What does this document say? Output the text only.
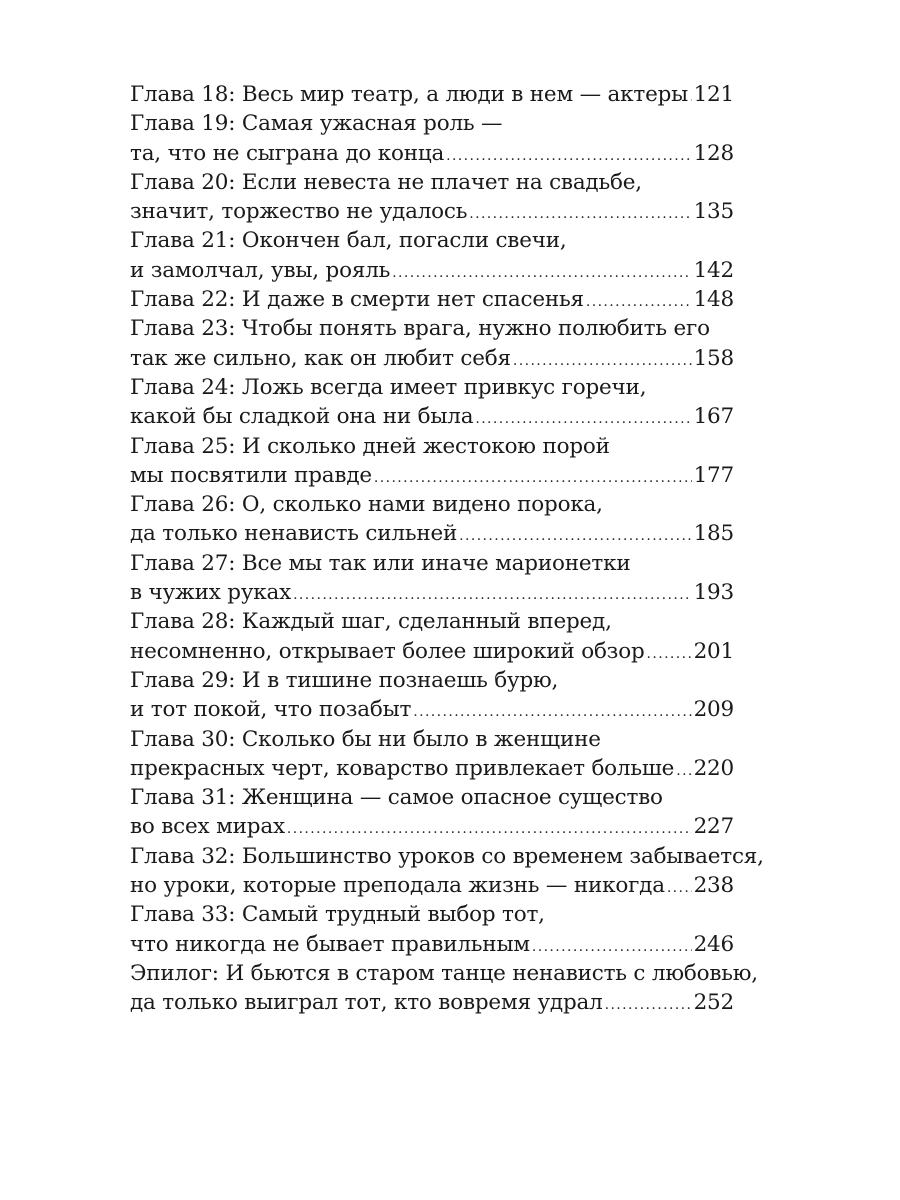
Глава 18: Весь мир театр, а люди в нем — актеры ..... 121
Глава 19: Самая ужасная роль —
та, что не сыграна до конца .....	128
Глава 20: Если невеста не плачет на свадьбе,
значит, торжество не удалось .....	135
Глава 21: Окончен бал, погасли свечи,
и замолчал, увы, рояль .....	142
Глава 22: И даже в смерти нет спасенья .....	148
Глава 23: Чтобы понять врага, нужно полюбить его
так же сильно, как он любит себя .....	158
Глава 24: Ложь всегда имеет привкус горечи,
какой бы сладкой она ни была .....	167
Глава 25: И сколько дней жестокою порой
мы посвятили правде .....	177
Глава 26: О, сколько нами видено порока,
да только ненависть сильней .....	185
Глава 27: Все мы так или иначе марионетки
в чужих руках .....	193
Глава 28: Каждый шаг, сделанный вперед,
несомненно, открывает более широкий обзор ..... 201
Глава 29: И в тишине познаешь бурю,
и тот покой, что позабыт .....	209
Глава 30: Сколько бы ни было в женщине
прекрасных черт, коварство привлекает больше ..... 220
Глава 31: Женщина — самое опасное существо
во всех мирах .....	227
Глава 32: Большинство уроков со временем забывается,
но уроки, которые преподала жизнь — никогда ..... 238
Глава 33: Самый трудный выбор тот,
что никогда не бывает правильным .....	246
Эпилог: И бьются в старом танце ненависть с любовью,
да только выиграл тот, кто вовремя удрал .....	252
